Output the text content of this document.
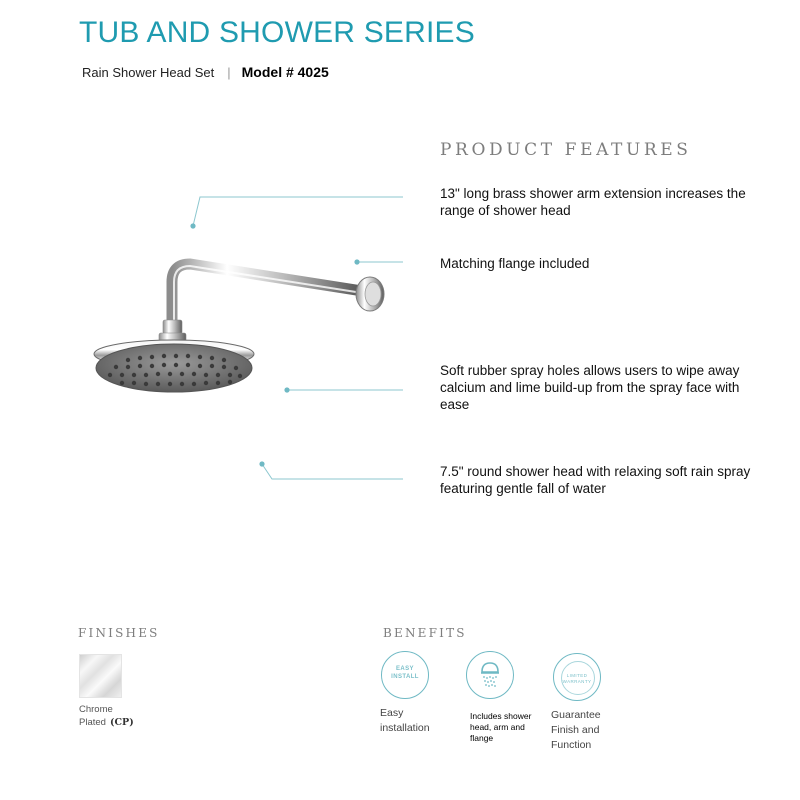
TUB AND SHOWER SERIES
Rain Shower Head Set | Model # 4025
PRODUCT FEATURES
13" long brass shower arm extension increases the range of shower head
Matching flange included
Soft rubber spray holes allows users to wipe away calcium and lime build-up from the spray face with ease
7.5" round shower head with relaxing soft rain spray featuring gentle fall of water
FINISHES
Chrome Plated (CP)
BENEFITS
EASY INSTALL
Easy installation
Includes shower head, arm and flange
LIMITED WARRANTY
Guarantee Finish and Function
